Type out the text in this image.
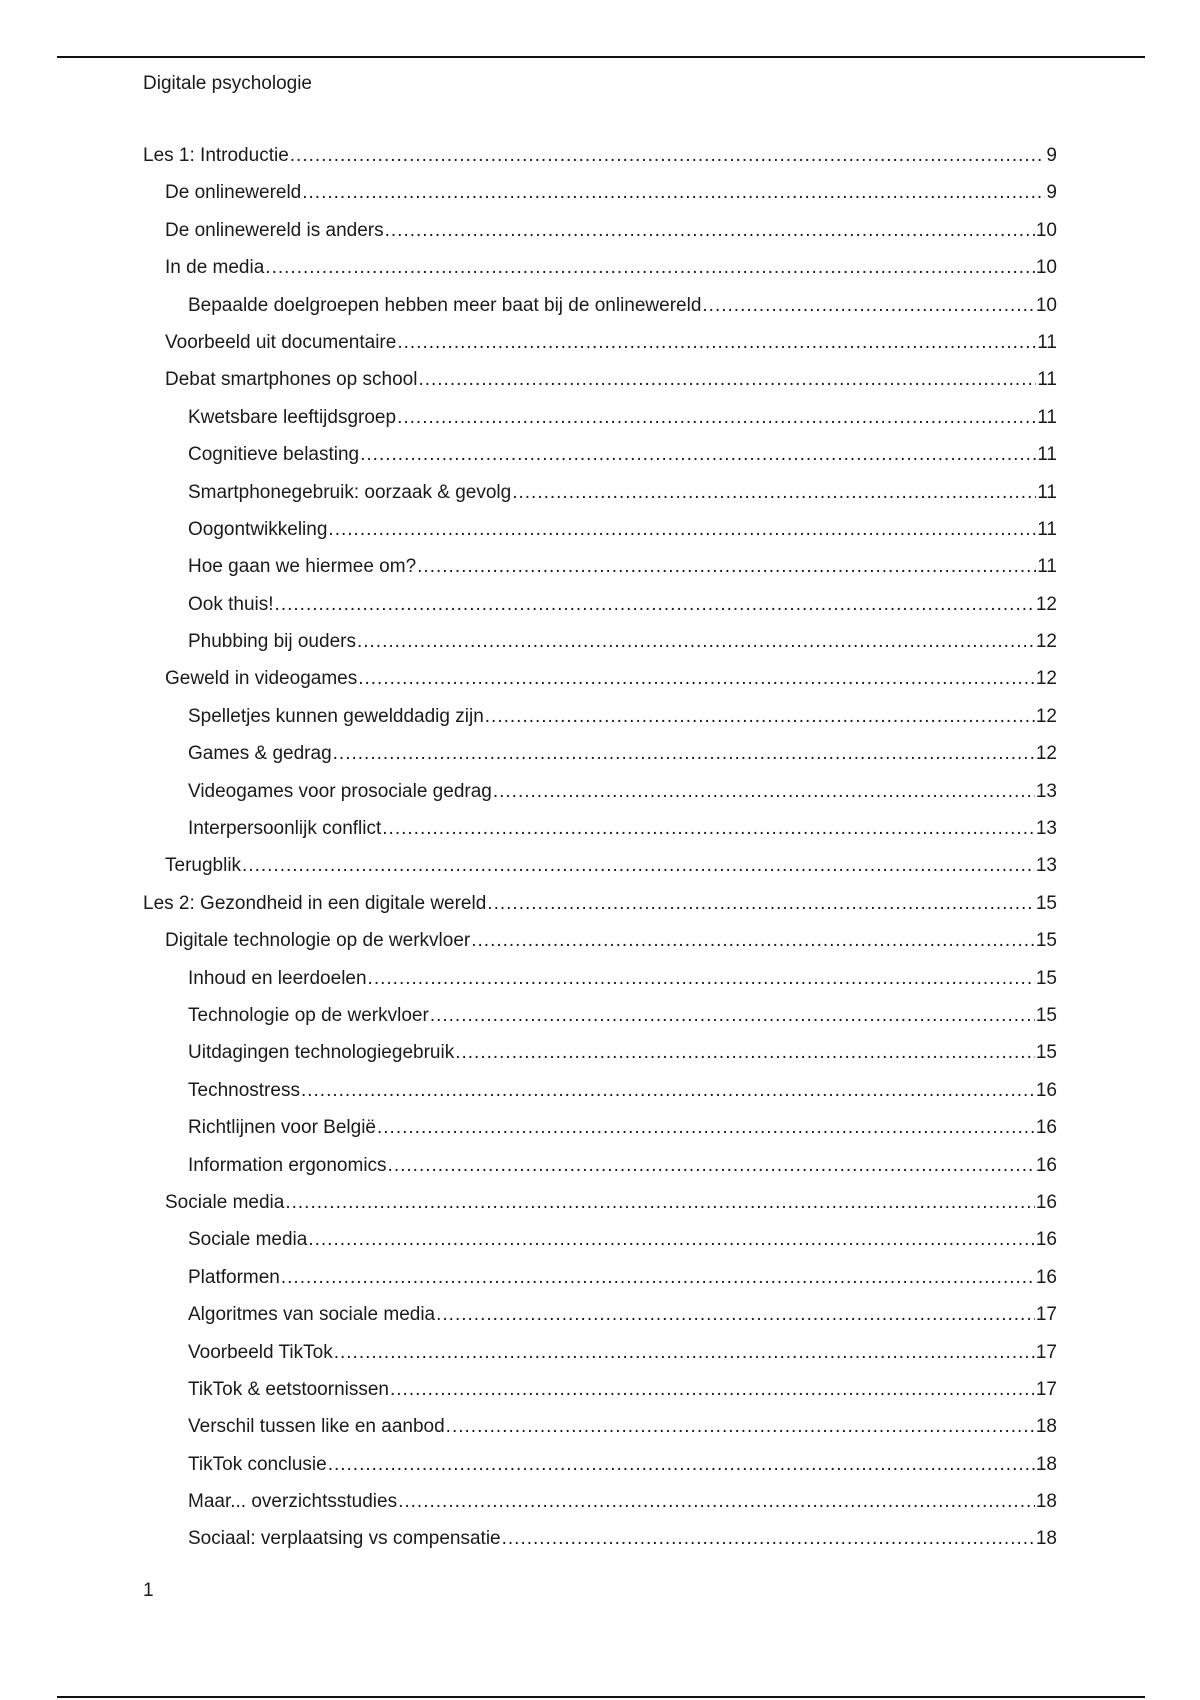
Digitale psychologie
Les 1: Introductie .....	9
De onlinewereld .....	9
De onlinewereld is anders .....	10
In de media .....	10
Bepaalde doelgroepen hebben meer baat bij de onlinewereld .....	10
Voorbeeld uit documentaire .....	11
Debat smartphones op school .....	11
Kwetsbare leeftijdsgroep .....	11
Cognitieve belasting .....	11
Smartphonegebruik: oorzaak & gevolg .....	11
Oogontwikkeling .....	11
Hoe gaan we hiermee om? .....	11
Ook thuis! .....	12
Phubbing bij ouders .....	12
Geweld in videogames .....	12
Spelletjes kunnen gewelddadig zijn .....	12
Games & gedrag .....	12
Videogames voor prosociale gedrag .....	13
Interpersoonlijk conflict .....	13
Terugblik .....	13
Les 2: Gezondheid in een digitale wereld .....	15
Digitale technologie op de werkvloer .....	15
Inhoud en leerdoelen .....	15
Technologie op de werkvloer .....	15
Uitdagingen technologiegebruik .....	15
Technostress .....	16
Richtlijnen voor België .....	16
Information ergonomics .....	16
Sociale media .....	16
Sociale media .....	16
Platformen .....	16
Algoritmes van sociale media .....	17
Voorbeeld TikTok .....	17
TikTok & eetstoornissen .....	17
Verschil tussen like en aanbod .....	18
TikTok conclusie .....	18
Maar... overzichtsstudies .....	18
Sociaal: verplaatsing vs compensatie .....	18
1
